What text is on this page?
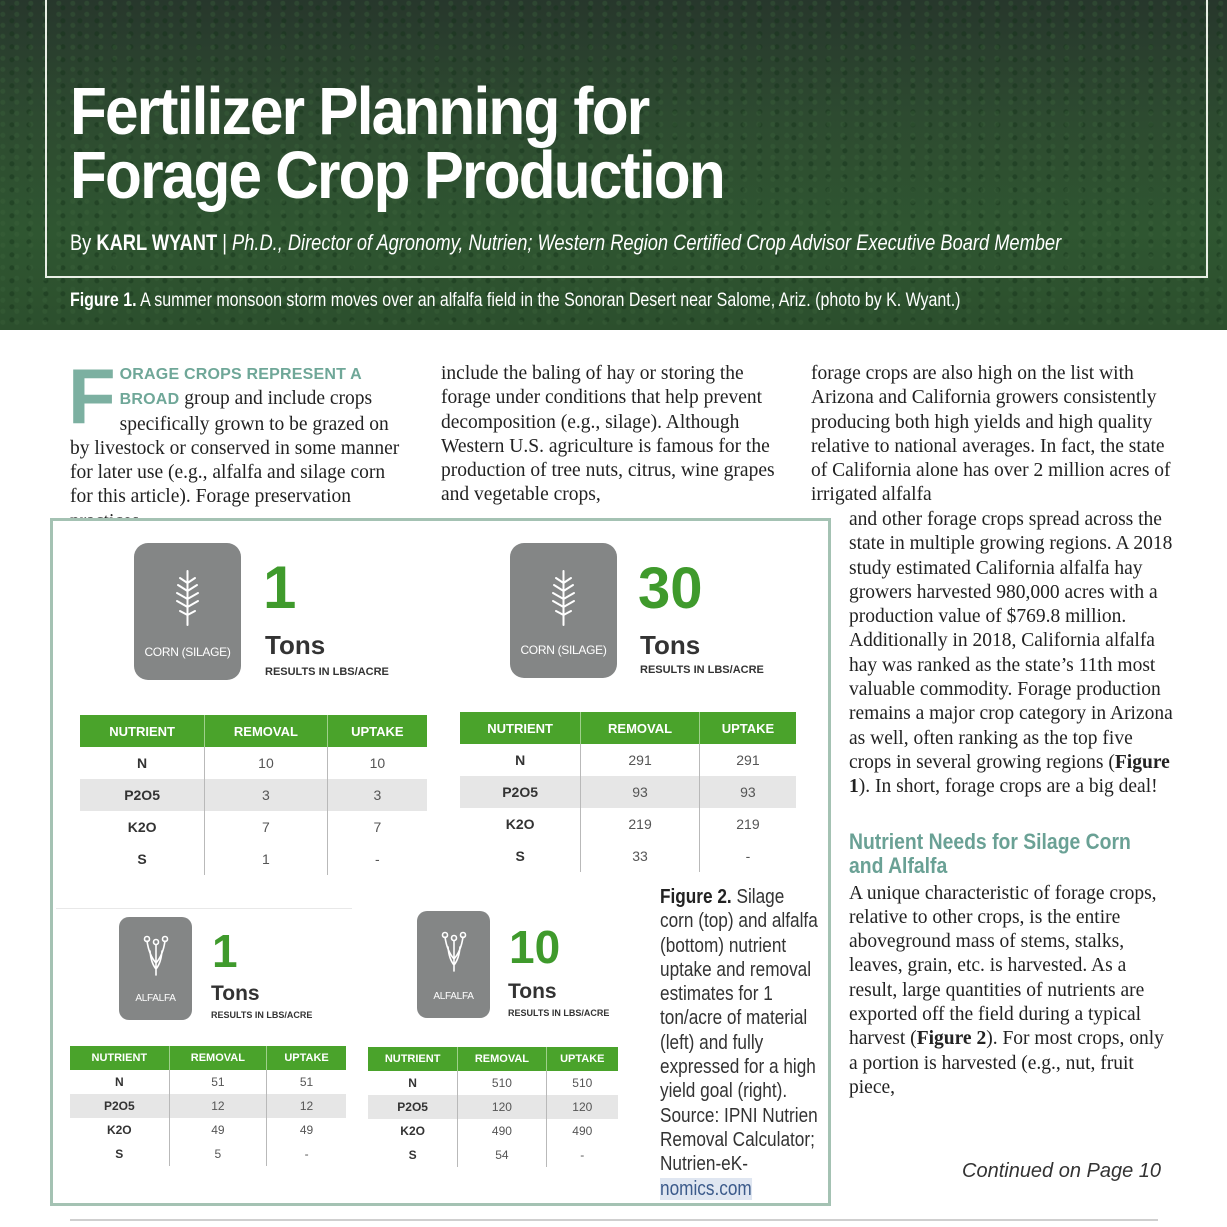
Fertilizer Planning for
Forage Crop Production
By KARL WYANT | Ph.D., Director of Agronomy, Nutrien; Western Region Certified Crop Advisor Executive Board Member
Figure 1. A summer monsoon storm moves over an alfalfa field in the Sonoran Desert near Salome, Ariz. (photo by K. Wyant.)
F ORAGE CROPS REPRESENT A BROAD group and include crops specifically grown to be grazed on by livestock or conserved in some manner for later use (e.g., alfalfa and silage corn for this article). Forage preservation
include the baling of hay or storing the forage under conditions that help prevent decomposition (e.g., silage). Although Western U.S. agriculture is famous for the production of tree nuts, citrus, wine grapes and vegetable crops,
forage crops are also high on the list with Arizona and California growers consistently producing both high yields and high quality relative to national averages. In fact, the state of California alone has over 2 million acres of irrigated alfalfa

and other forage crops spread across the state in multiple growing regions. A 2018 study estimated California alfalfa hay growers harvested 980,000 acres with a production value of $769.8 million. Additionally in 2018, California alfalfa hay was ranked as the state’s 11th most valuable commodity. Forage production remains a major crop category in Arizona as well, often ranking as the top five crops in several growing regions (Figure 1). In short, forage crops are a big deal!

Nutrient Needs for Silage Corn and Alfalfa

A unique characteristic of forage crops, relative to other crops, is the entire aboveground mass of stems, stalks, leaves, grain, etc. is harvested. As a result, large quantities of nutrients are exported off the field during a typical harvest (Figure 2). For most crops, only a portion is harvested (e.g., nut, fruit piece,

Continued on Page 10
CORN (SILAGE)
1
Tons
RESULTS IN LBS/ACRE
NUTRIENT	REMOVAL	UPTAKE
N	10	10
P2O5	3	3
K2O	7	7
S	1	-
CORN (SILAGE)
30
Tons
RESULTS IN LBS/ACRE
NUTRIENT	REMOVAL	UPTAKE
N	291	291
P2O5	93	93
K2O	219	219
S	33	-
ALFALFA
1
Tons
RESULTS IN LBS/ACRE
NUTRIENT	REMOVAL	UPTAKE
N	51	51
P2O5	12	12
K2O	49	49
S	5	-
ALFALFA
10
Tons
RESULTS IN LBS/ACRE
NUTRIENT	REMOVAL	UPTAKE
N	510	510
P2O5	120	120
K2O	490	490
S	54	-
Figure 2. Silage corn (top) and alfalfa (bottom) nutrient uptake and removal estimates for 1 ton/acre of material (left) and fully expressed for a high yield goal (right). Source: IPNI Nutrien Removal Calculator; Nutrien-eK-nomics.com
